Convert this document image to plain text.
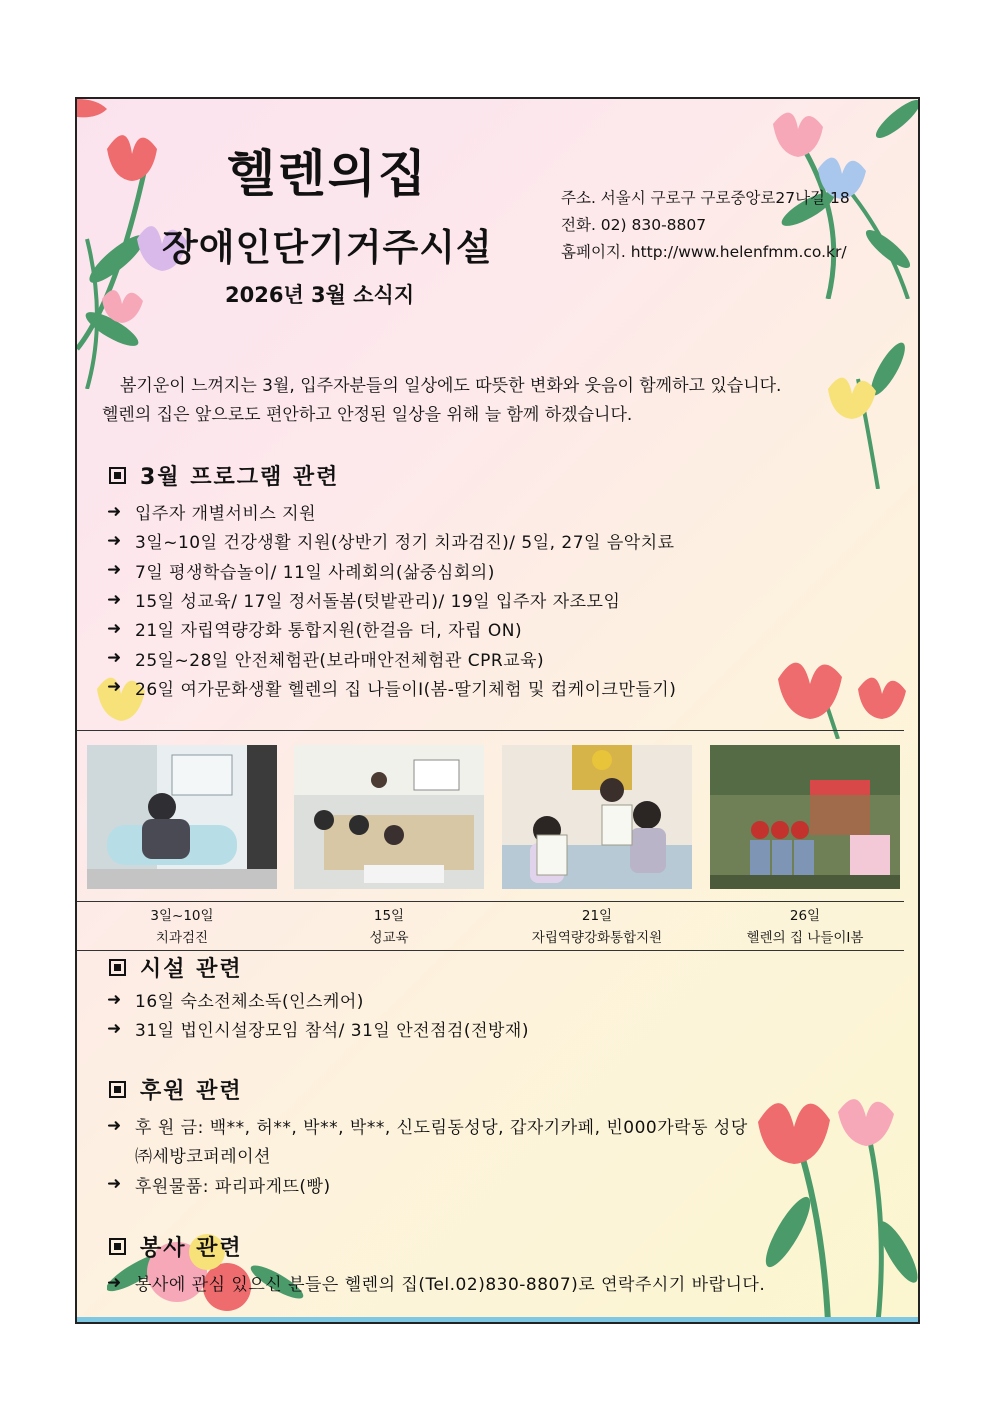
헬렌의집
장애인단기거주시설
2026년 3월 소식지
주소. 서울시 구로구 구로중앙로27나길 18
전화. 02) 830-8807
홈페이지. http://www.helenfmm.co.kr/

봄기운이 느껴지는 3월, 입주자분들의 일상에도 따뜻한 변화와 웃음이 함께하고 있습니다.

헬렌의 집은 앞으로도 편안하고 안정된 일상을 위해 늘 함께 하겠습니다.

3월 프로그램 관련
➜ 입주자 개별서비스 지원
➜ 3일~10일 건강생활 지원(상반기 정기 치과검진)/ 5일, 27일 음악치료
➜ 7일 평생학습놀이/ 11일 사례회의(삶중심회의)
➜ 15일 성교육/ 17일 정서돌봄(텃밭관리)/ 19일 입주자 자조모임
➜ 21일 자립역량강화 통합지원(한걸음 더, 자립 ON)
➜ 25일~28일 안전체험관(보라매안전체험관 CPR교육)
➜ 26일 여가문화생활 헬렌의 집 나들이Ⅰ(봄-딸기체험 및 컵케이크만들기)
3일~10일
치과검진
15일
성교육
21일
자립역량강화통합지원
26일
헬렌의 집 나들이Ⅰ봄
시설 관련
➜ 16일 숙소전체소독(인스케어)
➜ 31일 법인시설장모임 참석/ 31일 안전점검(전방재)
후원 관련
➜ 후 원 금: 백**, 허**, 박**, 박**, 신도림동성당, 갑자기카페, 빈000가락동 성당
㈜세방코퍼레이션
➜ 후원물품: 파리파게뜨(빵)
봉사 관련
➜ 봉사에 관심 있으신 분들은 헬렌의 집(Tel.02)830-8807)로 연락주시기 바랍니다.
